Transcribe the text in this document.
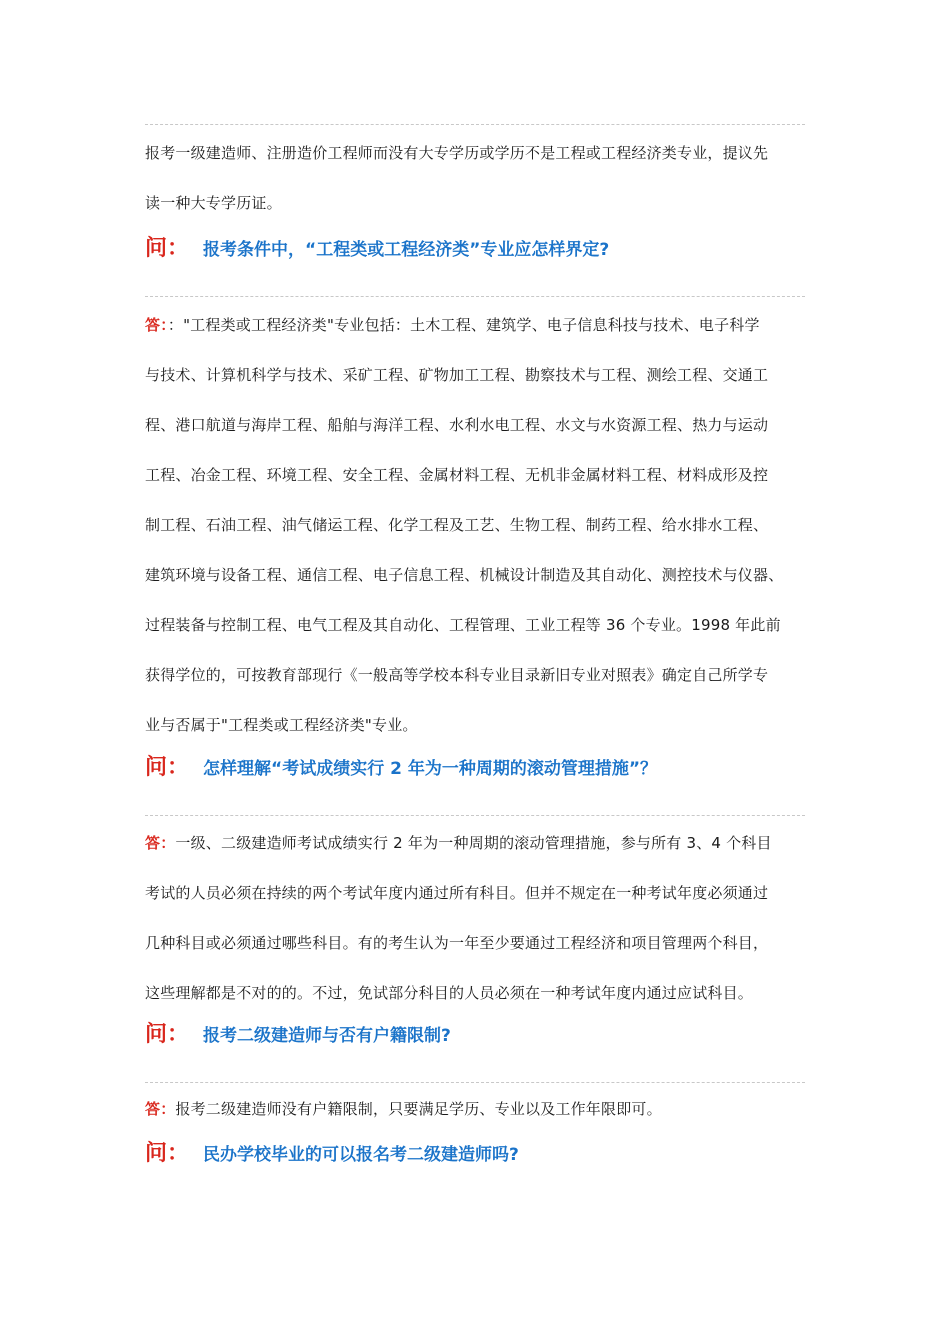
报考一级建造师、注册造价工程师而没有大专学历或学历不是工程或工程经济类专业，提议先
读一种大专学历证。
问： 报考条件中，“工程类或工程经济类”专业应怎样界定?
答：："工程类或工程经济类"专业包括：土木工程、建筑学、电子信息科技与技术、电子科学
与技术、计算机科学与技术、采矿工程、矿物加工工程、勘察技术与工程、测绘工程、交通工
程、港口航道与海岸工程、船舶与海洋工程、水利水电工程、水文与水资源工程、热力与运动
工程、冶金工程、环境工程、安全工程、金属材料工程、无机非金属材料工程、材料成形及控
制工程、石油工程、油气储运工程、化学工程及工艺、生物工程、制药工程、给水排水工程、
建筑环境与设备工程、通信工程、电子信息工程、机械设计制造及其自动化、测控技术与仪器、
过程装备与控制工程、电气工程及其自动化、工程管理、工业工程等 36 个专业。1998 年此前
获得学位的，可按教育部现行《一般高等学校本科专业目录新旧专业对照表》确定自己所学专
业与否属于"工程类或工程经济类"专业。
问： 怎样理解“考试成绩实行 2 年为一种周期的滚动管理措施”？
答：一级、二级建造师考试成绩实行 2 年为一种周期的滚动管理措施，参与所有 3、4 个科目
考试的人员必须在持续的两个考试年度内通过所有科目。但并不规定在一种考试年度必须通过
几种科目或必须通过哪些科目。有的考生认为一年至少要通过工程经济和项目管理两个科目，
这些理解都是不对的的。不过，免试部分科目的人员必须在一种考试年度内通过应试科目。
问： 报考二级建造师与否有户籍限制?
答：报考二级建造师没有户籍限制，只要满足学历、专业以及工作年限即可。
问： 民办学校毕业的可以报名考二级建造师吗?
